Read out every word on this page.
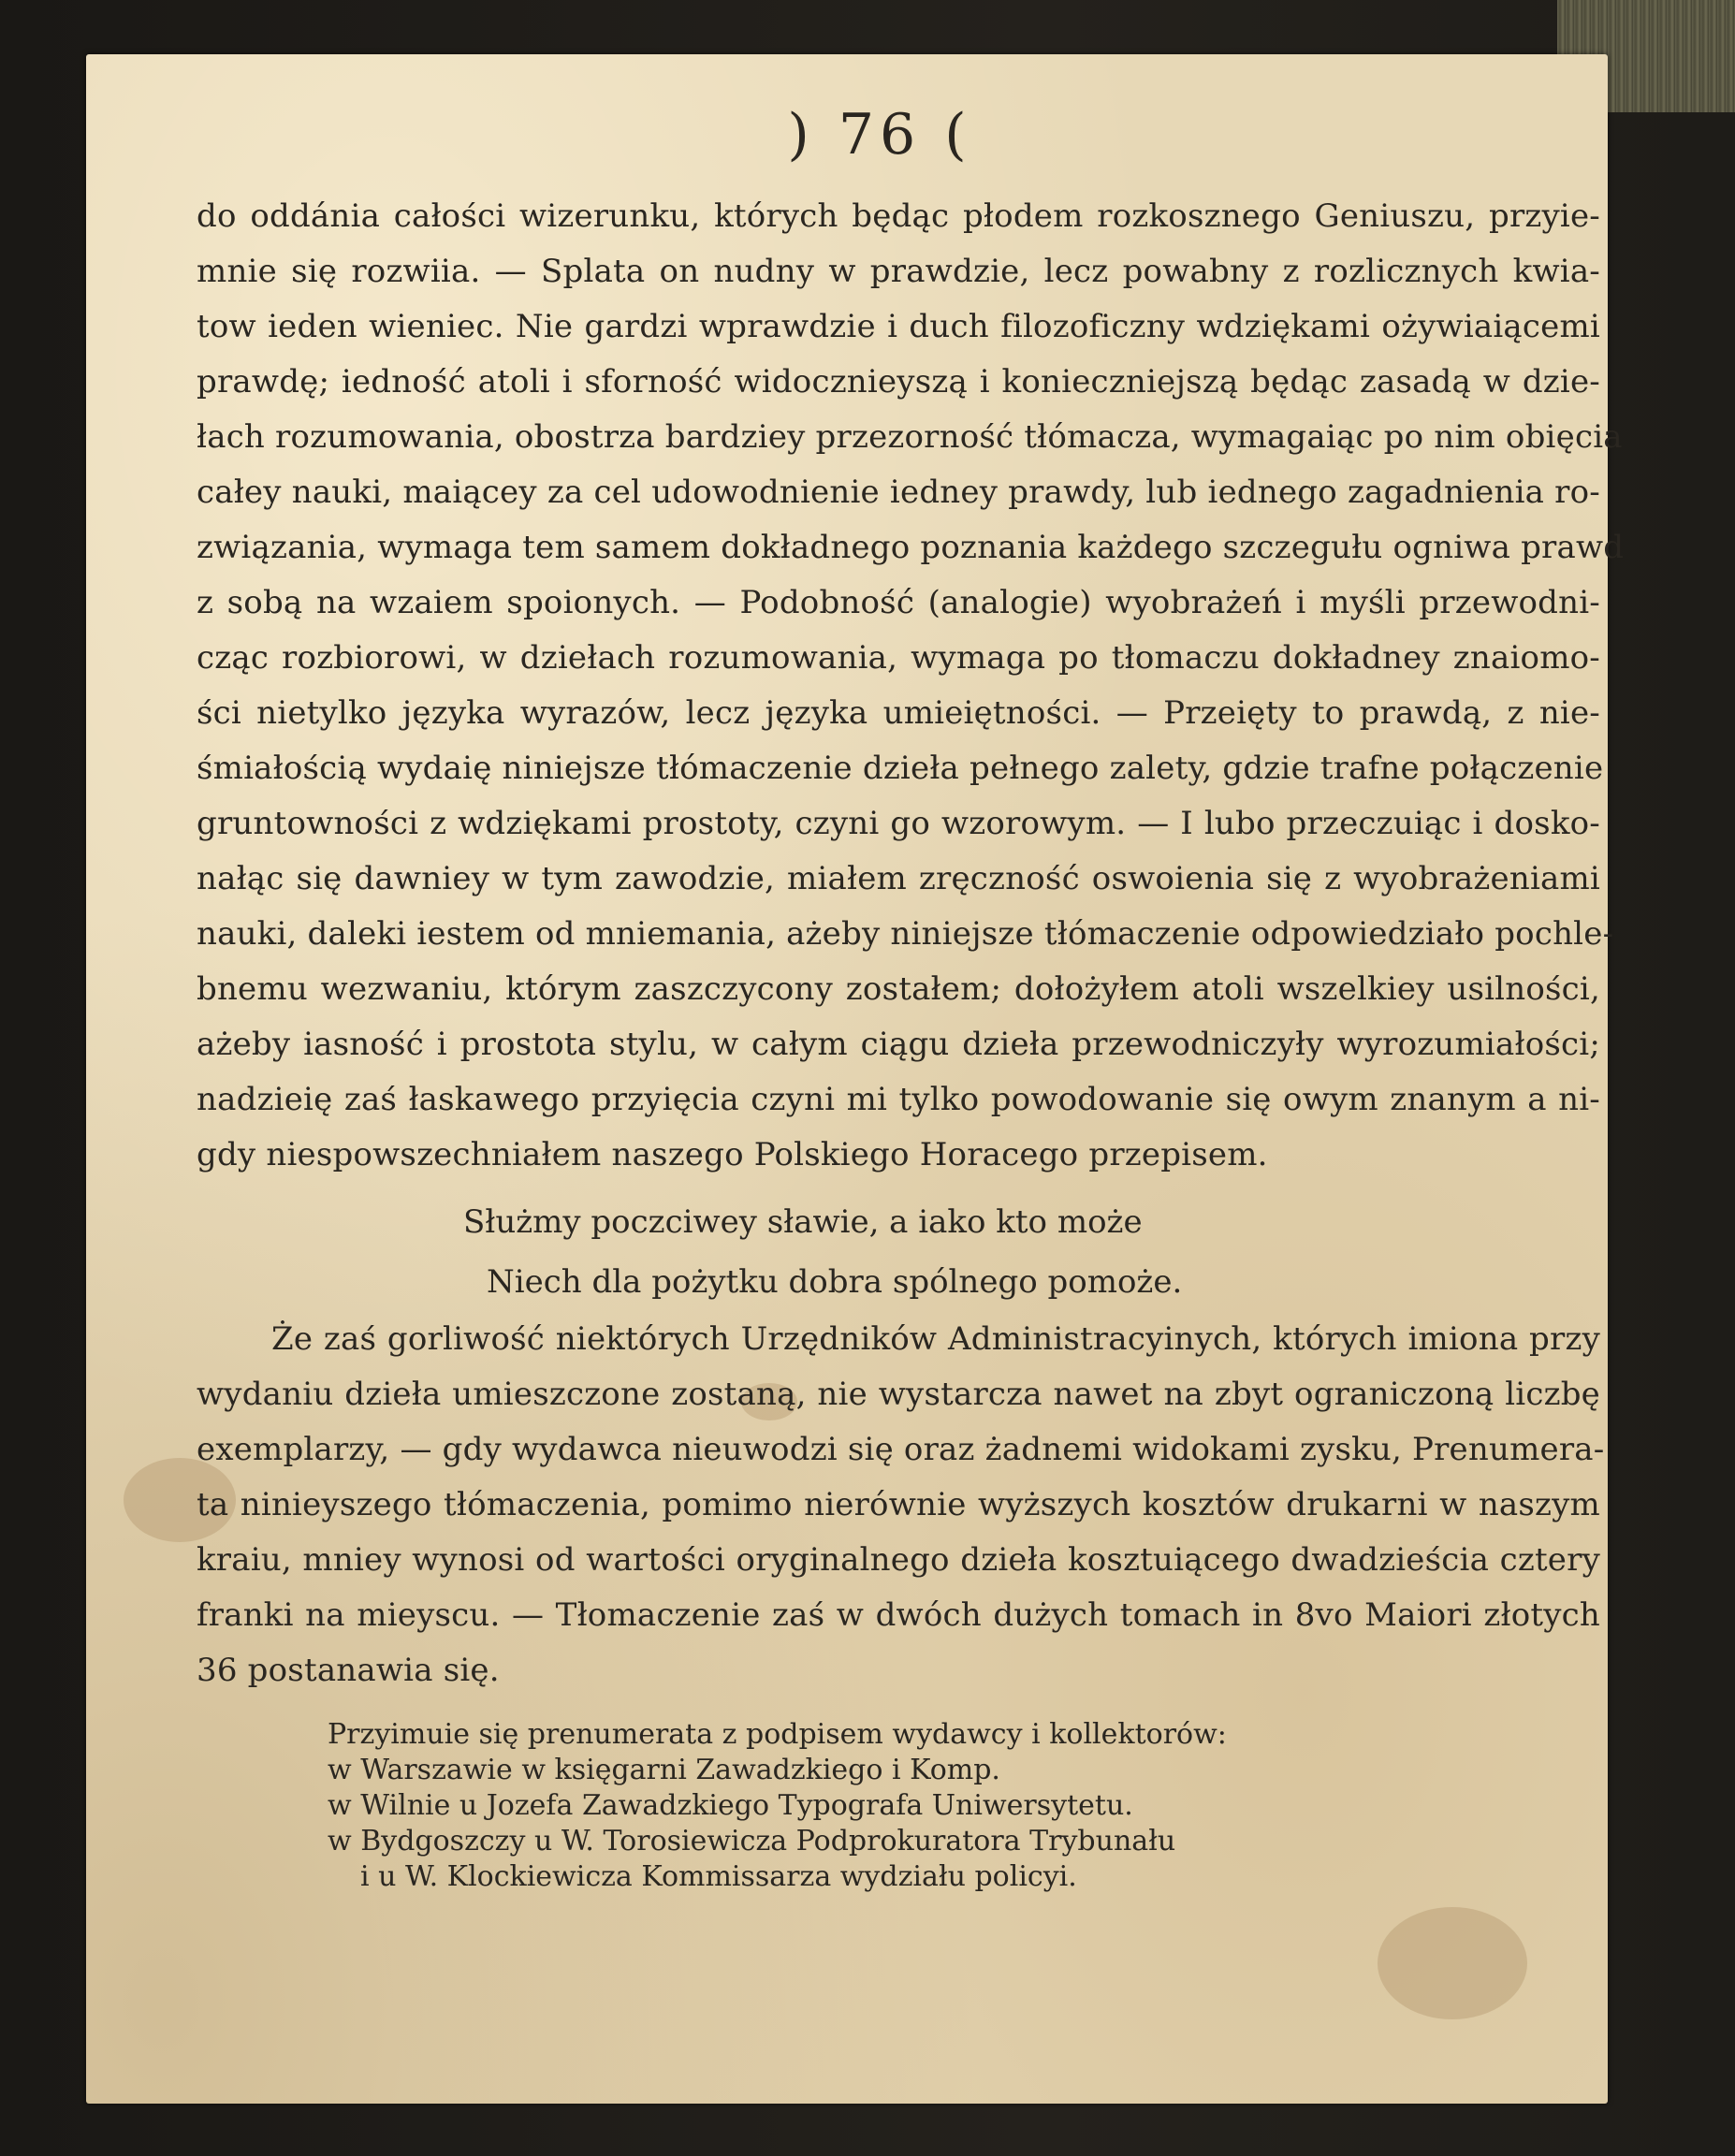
) 76 (
do oddánia całości wizerunku, których będąc płodem rozkosznego Geniuszu, przyie-
mnie się rozwiia. — Splata on nudny w prawdzie, lecz powabny z rozlicznych kwia-
tow ieden wieniec. Nie gardzi wprawdzie i duch filozoficzny wdziękami ożywiaiącemi
prawdę; iedność atoli i sforność widocznieyszą i konieczniejszą będąc zasadą w dzie-
łach rozumowania, obostrza bardziey przezorność tłómacza, wymagaiąc po nim obięcia
całey nauki, maiącey za cel udowodnienie iedney prawdy, lub iednego zagadnienia ro-
związania, wymaga tem samem dokładnego poznania każdego szczegułu ogniwa prawd
z sobą na wzaiem spoionych. — Podobność (analogie) wyobrażeń i myśli przewodni-
cząc rozbiorowi, w dziełach rozumowania, wymaga po tłomaczu dokładney znaiomo-
ści nietylko języka wyrazów, lecz języka umieiętności. — Przeięty to prawdą, z nie-
śmiałością wydaię niniejsze tłómaczenie dzieła pełnego zalety, gdzie trafne połączenie
gruntowności z wdziękami prostoty, czyni go wzorowym. — I lubo przeczuiąc i dosko-
nałąc się dawniey w tym zawodzie, miałem zręczność oswoienia się z wyobrażeniami
nauki, daleki iestem od mniemania, ażeby niniejsze tłómaczenie odpowiedziało pochle-
bnemu wezwaniu, którym zaszczycony zostałem; dołożyłem atoli wszelkiey usilności,
ażeby iasność i prostota stylu, w całym ciągu dzieła przewodniczyły wyrozumiałości;
nadzieię zaś łaskawego przyięcia czyni mi tylko powodowanie się owym znanym a ni-
gdy niespowszechniałem naszego Polskiego Horacego przepisem.
Służmy poczciwey sławie, a iako kto może
Niech dla pożytku dobra spólnego pomoże.
Że zaś gorliwość niektórych Urzędników Administracyinych, których imiona przy
wydaniu dzieła umieszczone zostaną, nie wystarcza nawet na zbyt ograniczoną liczbę
exemplarzy, — gdy wydawca nieuwodzi się oraz żadnemi widokami zysku, Prenumera-
ta ninieyszego tłómaczenia, pomimo nierównie wyższych kosztów drukarni w naszym
kraiu, mniey wynosi od wartości oryginalnego dzieła kosztuiącego dwadzieścia cztery
franki na mieyscu. — Tłomaczenie zaś w dwóch dużych tomach in 8vo Maiori złotych
36 postanawia się.
Przyimuie się prenumerata z podpisem wydawcy i kollektorów:
w Warszawie w księgarni Zawadzkiego i Komp.
w Wilnie u Jozefa Zawadzkiego Typografa Uniwersytetu.
w Bydgoszczy u W. Torosiewicza Podprokuratora Trybunału
i u W. Klockiewicza Kommissarza wydziału policyi.
